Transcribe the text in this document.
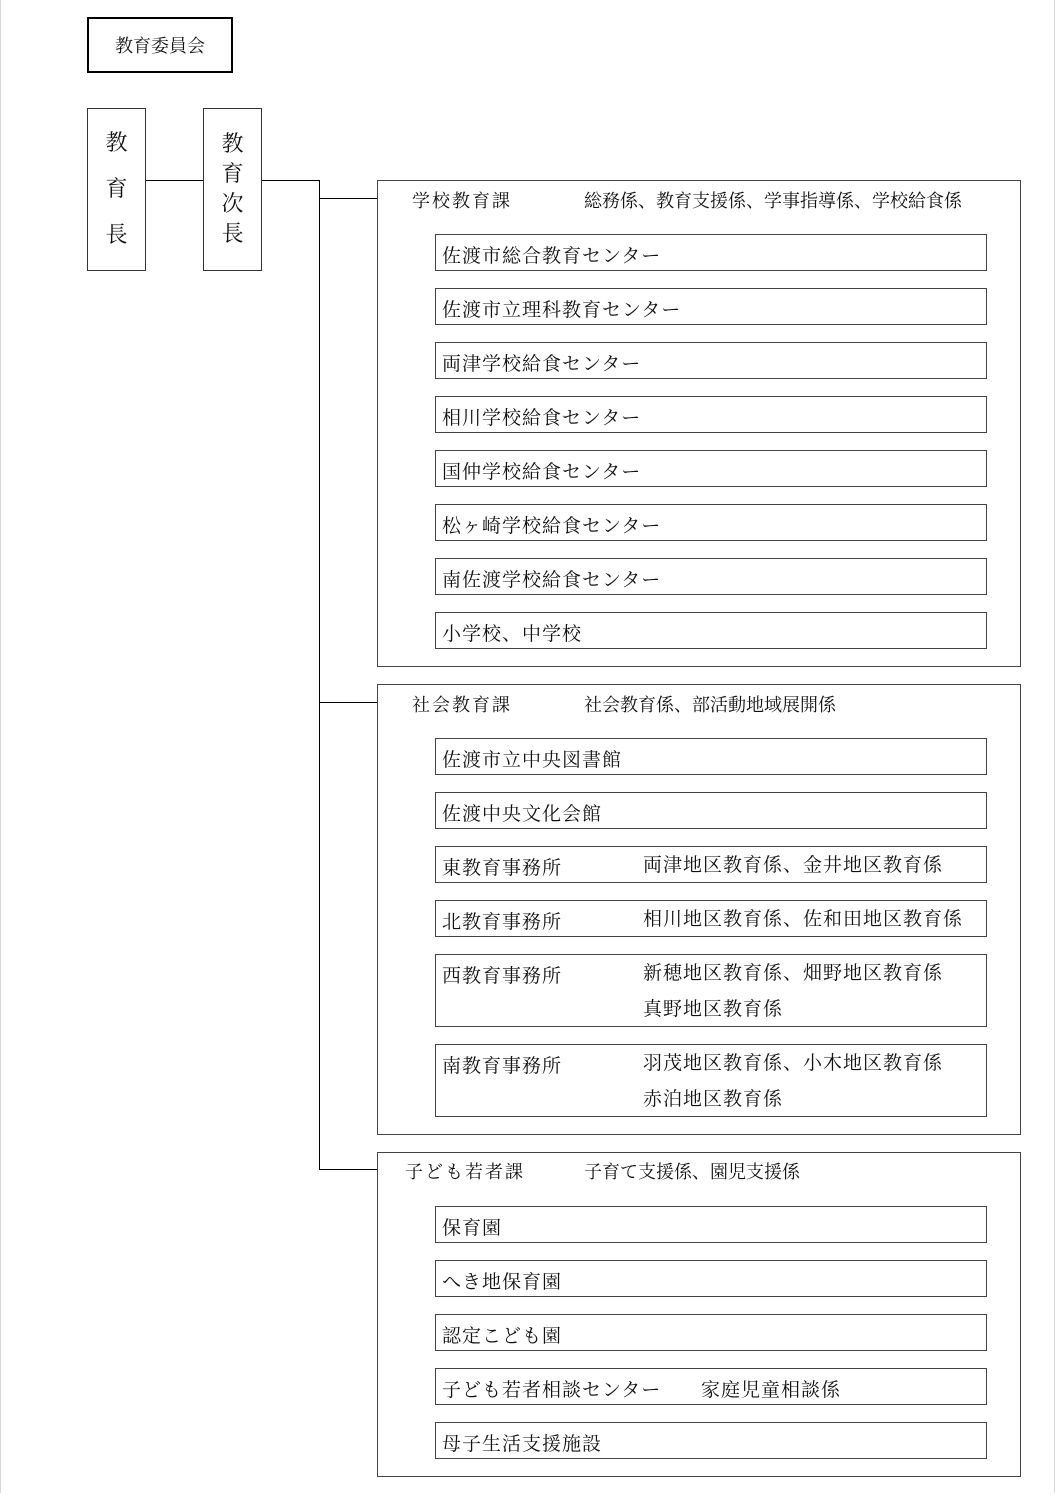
教育委員会
教
育
長
教
育
次
長
学校教育課	総務係、教育支援係、学事指導係、学校給食係
佐渡市総合教育センター
佐渡市立理科教育センター
両津学校給食センター
相川学校給食センター
国仲学校給食センター
松ヶ崎学校給食センター
南佐渡学校給食センター
小学校、中学校
社会教育課	社会教育係、部活動地域展開係
佐渡市立中央図書館
佐渡中央文化会館
東教育事務所	両津地区教育係、金井地区教育係
北教育事務所	相川地区教育係、佐和田地区教育係
西教育事務所	新穂地区教育係、畑野地区教育係
真野地区教育係
南教育事務所	羽茂地区教育係、小木地区教育係
赤泊地区教育係
子ども若者課	子育て支援係、園児支援係
保育園
へき地保育園
認定こども園
子ども若者相談センター 家庭児童相談係
母子生活支援施設
